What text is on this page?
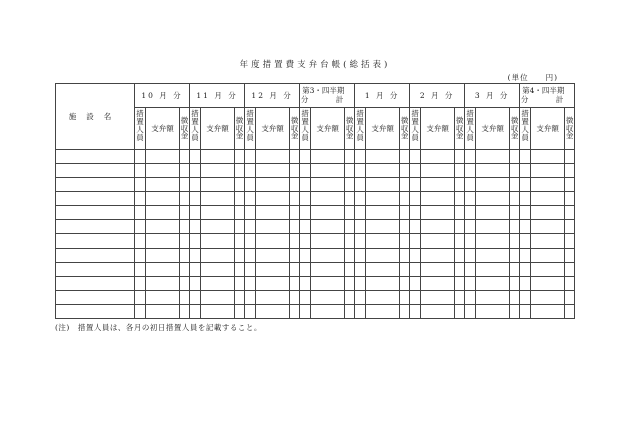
年度措置費支弁台帳(総括表)
(単位　　円)
施設名	10 月 分			11 月 分			12 月 分			第3・四半期
分　計			1 月 分			2 月 分			3 月 分			第4・四半期
分　計		

	措置人員	支弁額	徴収金	措置人員	支弁額	徴収金	措置人員	支弁額	徴収金	措置人員	支弁額	徴収金	措置人員	支弁額	徴収金	措置人員	支弁額	徴収金	措置人員	支弁額	徴収金	措置人員	支弁額	徴収金

(注)　措置人員は、各月の初日措置人員を記載すること。
